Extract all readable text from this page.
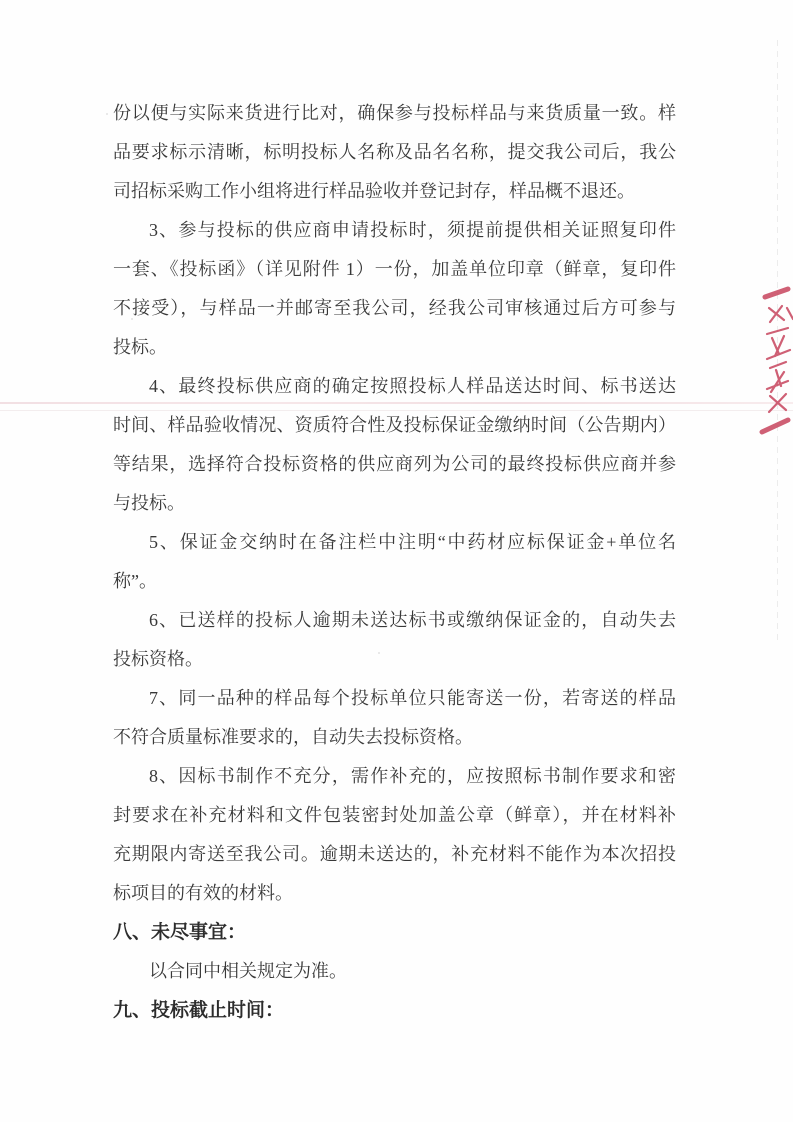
份以便与实际来货进行比对，确保参与投标样品与来货质量一致。样
品要求标示清晰，标明投标人名称及品名名称，提交我公司后，我公
司招标采购工作小组将进行样品验收并登记封存，样品概不退还。
3、参与投标的供应商申请投标时，须提前提供相关证照复印件
一套、《投标函》（详见附件 1）一份，加盖单位印章（鲜章，复印件
不接受），与样品一并邮寄至我公司，经我公司审核通过后方可参与
投标。
4、最终投标供应商的确定按照投标人样品送达时间、标书送达
时间、样品验收情况、资质符合性及投标保证金缴纳时间（公告期内）
等结果，选择符合投标资格的供应商列为公司的最终投标供应商并参
与投标。
5、保证金交纳时在备注栏中注明“中药材应标保证金+单位名
称”。
6、已送样的投标人逾期未送达标书或缴纳保证金的，自动失去
投标资格。
7、同一品种的样品每个投标单位只能寄送一份，若寄送的样品
不符合质量标准要求的，自动失去投标资格。
8、因标书制作不充分，需作补充的，应按照标书制作要求和密
封要求在补充材料和文件包装密封处加盖公章（鲜章），并在材料补
充期限内寄送至我公司。逾期未送达的，补充材料不能作为本次招投
标项目的有效的材料。
八、未尽事宜：
以合同中相关规定为准。
九、投标截止时间：
